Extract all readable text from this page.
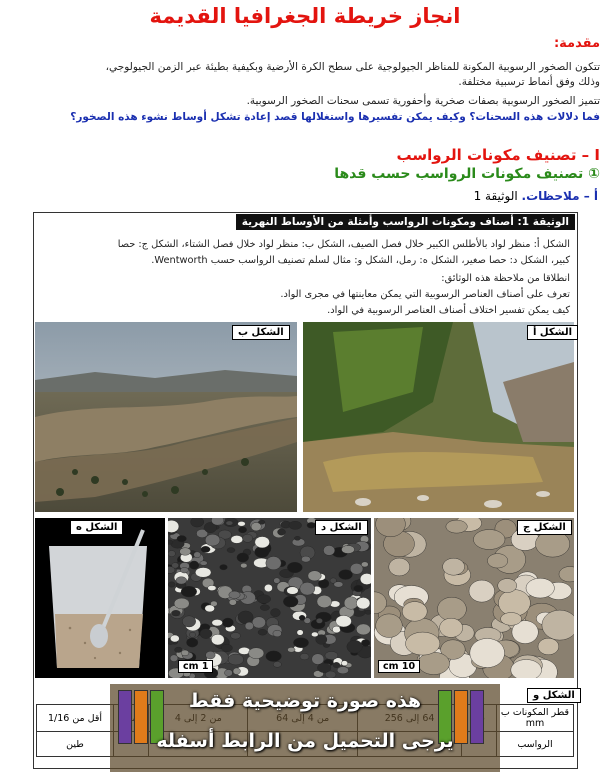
انجاز خريطة الجغرافيا القديمة
مقدمة:
تتكون الصخور الرسوبية المكونة للمناظر الجيولوجية على سطح الكرة الأرضية وبكيفية بطيئة عبر الزمن الجيولوجي،
وذلك وفق أنماط ترسبية مختلفة.
تتميز الصخور الرسوبية بصفات صخرية وأحفورية تسمى سحنات الصخور الرسوبية.
فما دلالات هذه السحنات؟ وكيف يمكن تفسيرها واستغلالها قصد إعادة تشكل أوساط نشوء هذه الصخور؟
I – تصنيف مكونات الرواسب
① تصنيف مكونات الرواسب حسب قدها
أ – ملاحظات. الوثيقة 1
الوثيقة 1: أصناف ومكونات الرواسب وأمثلة من الأوساط النهرية
الشكل أ: منظر لواد بالأطلس الكبير خلال فصل الصيف، الشكل ب: منظر لواد خلال فصل الشتاء، الشكل ج: حصا
كبير، الشكل د: حصا صغير، الشكل ه: رمل، الشكل و: مثال لسلم تصنيف الرواسب حسب Wentworth.
انطلاقا من ملاحظة هذه الوثائق:
تعرف على أصناف العناصر الرسوبية التي يمكن معاينتها في مجرى الواد.
كيف يمكن تفسير اختلاف أصناف العناصر الرسوبية في الواد.
الشكل ب	الشكل أ
الشكل ه	الشكل د
1 cm
الشكل ج
10 cm
الشكل و
قطر المكونات ب mm						أقل من 1/16
الرواسب						طين
هذه صورة توضيحية فقط
يرجى التحميل من الرابط أسفله
